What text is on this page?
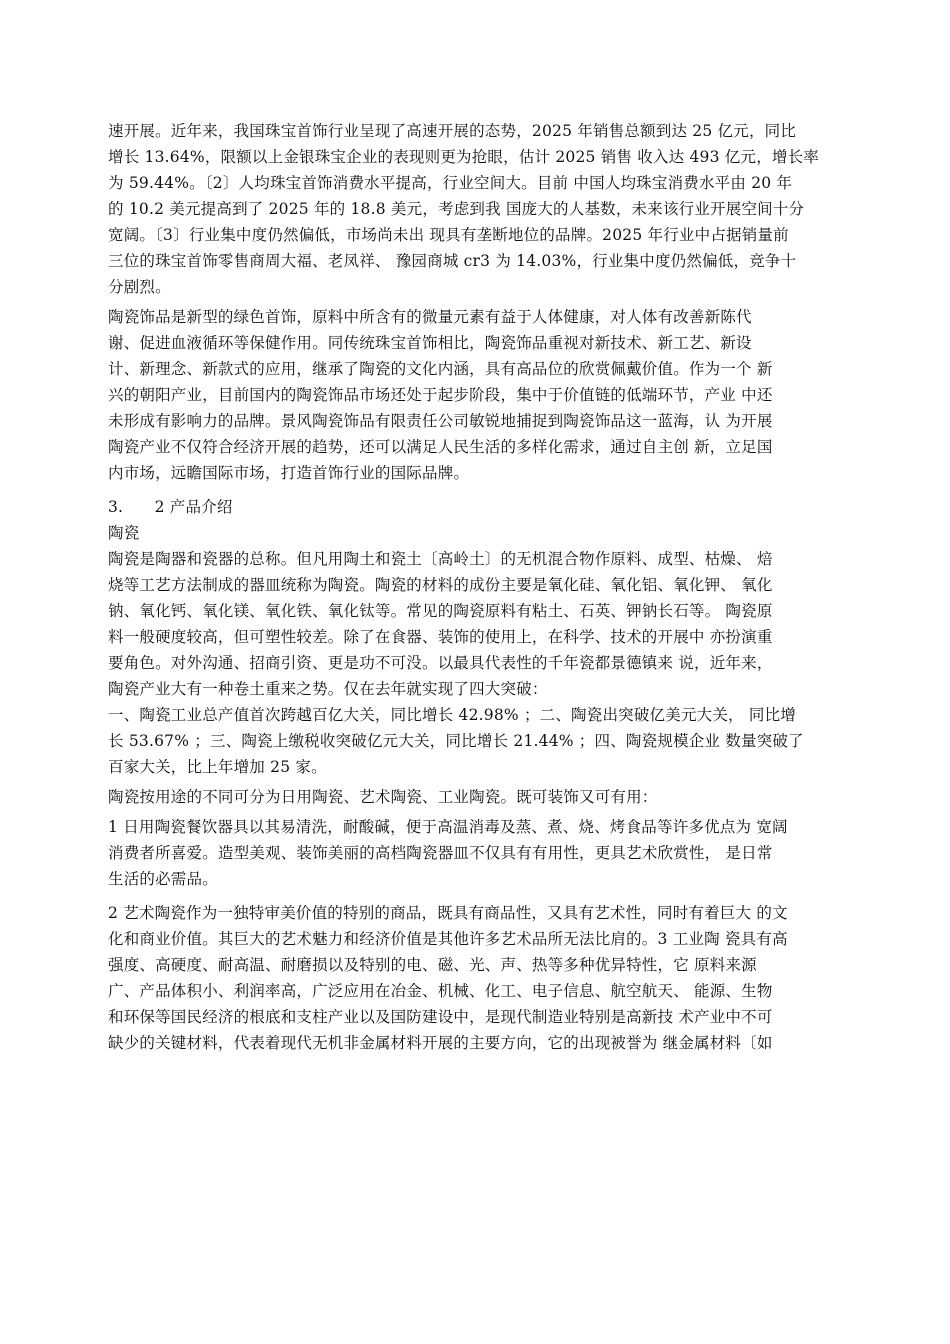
速开展。近年来，我国珠宝首饰行业呈现了高速开展的态势，2025 年销售总额到达 25 亿元，同比
增长 13.64%，限额以上金银珠宝企业的表现则更为抢眼，估计 2025 销售 收入达 493 亿元，增长率
为 59.44%。〔2〕人均珠宝首饰消费水平提高，行业空间大。目前 中国人均珠宝消费水平由 20 年
的 10.2 美元提高到了 2025 年的 18.8 美元，考虑到我 国庞大的人基数，未来该行业开展空间十分
宽阔。〔3〕行业集中度仍然偏低，市场尚未出 现具有垄断地位的品牌。2025 年行业中占据销量前
三位的珠宝首饰零售商周大福、老凤祥、 豫园商城 cr3 为 14.03%，行业集中度仍然偏低，竞争十
分剧烈。
陶瓷饰品是新型的绿色首饰，原料中所含有的微量元素有益于人体健康，对人体有改善新陈代
谢、促进血液循环等保健作用。同传统珠宝首饰相比，陶瓷饰品重视对新技术、新工艺、新设
计、新理念、新款式的应用，继承了陶瓷的文化内涵，具有高品位的欣赏佩戴价值。作为一个 新
兴的朝阳产业，目前国内的陶瓷饰品市场还处于起步阶段，集中于价值链的低端环节，产业 中还
未形成有影响力的品牌。景风陶瓷饰品有限责任公司敏锐地捕捉到陶瓷饰品这一蓝海，认 为开展
陶瓷产业不仅符合经济开展的趋势，还可以满足人民生活的多样化需求，通过自主创 新，立足国
内市场，远瞻国际市场，打造首饰行业的国际品牌。
3.　　2 产品介绍
陶瓷
陶瓷是陶器和瓷器的总称。但凡用陶土和瓷土〔高岭土〕的无机混合物作原料、成型、枯燥、 焙
烧等工艺方法制成的器皿统称为陶瓷。陶瓷的材料的成份主要是氧化硅、氧化铝、氧化钾、 氧化
钠、氧化钙、氧化镁、氧化铁、氧化钛等。常见的陶瓷原料有粘土、石英、钾钠长石等。 陶瓷原
料一般硬度较高，但可塑性较差。除了在食器、装饰的使用上，在科学、技术的开展中 亦扮演重
要角色。对外沟通、招商引资、更是功不可没。以最具代表性的千年瓷都景德镇来 说，近年来，
陶瓷产业大有一种卷土重来之势。仅在去年就实现了四大突破：
一、陶瓷工业总产值首次跨越百亿大关，同比增长 42.98% ；二、陶瓷出突破亿美元大关， 同比增
长 53.67% ；三、陶瓷上缴税收突破亿元大关，同比增长 21.44% ；四、陶瓷规模企业 数量突破了
百家大关，比上年增加 25 家。
陶瓷按用途的不同可分为日用陶瓷、艺术陶瓷、工业陶瓷。既可装饰又可有用：
1 日用陶瓷餐饮器具以其易清洗，耐酸碱，便于高温消毒及蒸、煮、烧、烤食品等许多优点为 宽阔
消费者所喜爱。造型美观、装饰美丽的高档陶瓷器皿不仅具有有用性，更具艺术欣赏性， 是日常
生活的必需品。
2 艺术陶瓷作为一独特审美价值的特别的商品，既具有商品性，又具有艺术性，同时有着巨大 的文
化和商业价值。其巨大的艺术魅力和经济价值是其他许多艺术品所无法比肩的。3 工业陶 瓷具有高
强度、高硬度、耐高温、耐磨损以及特别的电、磁、光、声、热等多种优异特性，它 原料来源
广、产品体积小、利润率高，广泛应用在冶金、机械、化工、电子信息、航空航天、 能源、生物
和环保等国民经济的根底和支柱产业以及国防建设中，是现代制造业特别是高新技 术产业中不可
缺少的关键材料，代表着现代无机非金属材料开展的主要方向，它的出现被誉为 继金属材料〔如
